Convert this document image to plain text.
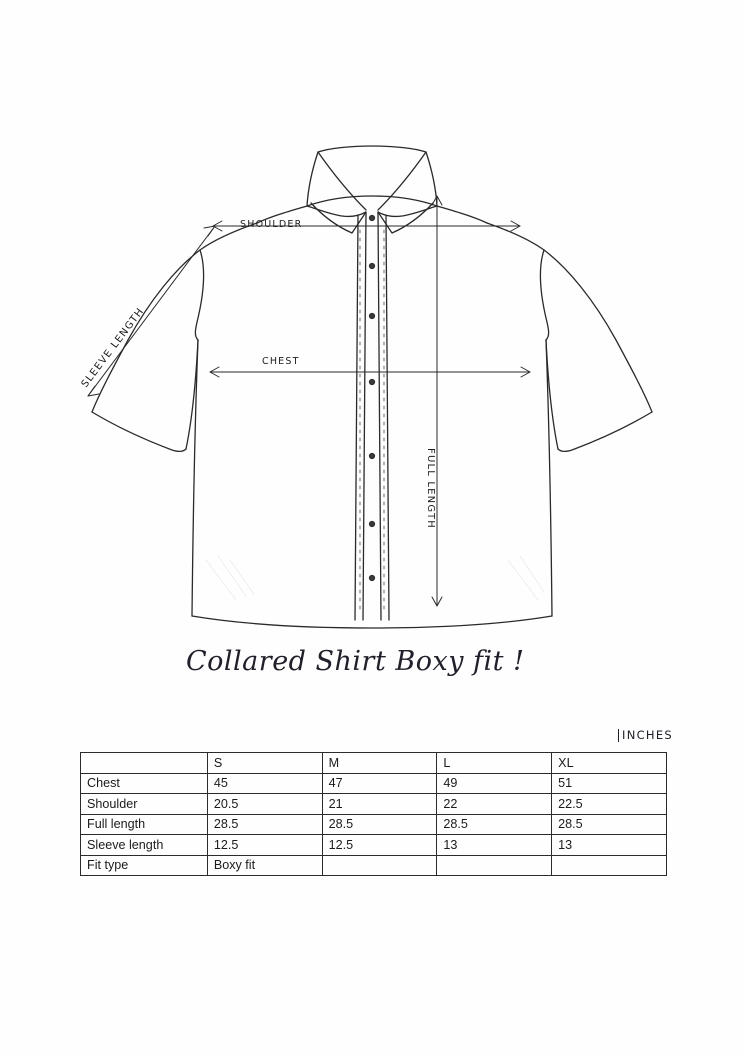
SHOULDER
CHEST
SLEEVE LENGTH
FULL LENGTH
Collared Shirt Boxy fit !
INCHES
	S	M	L	XL
Chest	45	47	49	51
Shoulder	20.5	21	22	22.5
Full length	28.5	28.5	28.5	28.5
Sleeve length	12.5	12.5	13	13
Fit type	Boxy fit			
